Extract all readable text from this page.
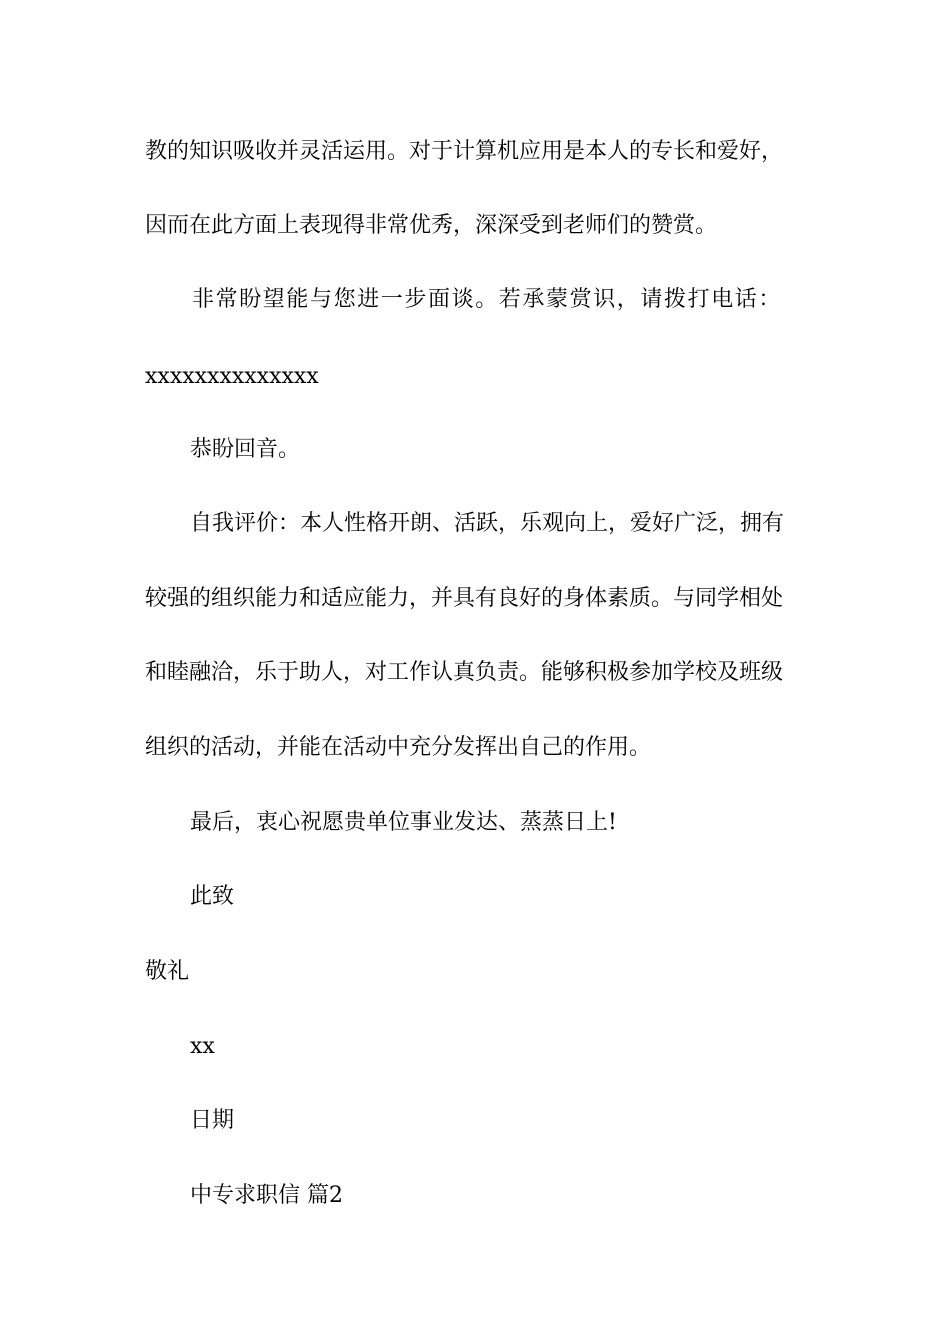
教的知识吸收并灵活运用。对于计算机应用是本人的专长和爱好，
因而在此方面上表现得非常优秀，深深受到老师们的赞赏。
非常盼望能与您进一步面谈。若承蒙赏识，请拨打电话：
xxxxxxxxxxxxxx
恭盼回音。
自我评价：本人性格开朗、活跃，乐观向上，爱好广泛，拥有
较强的组织能力和适应能力，并具有良好的身体素质。与同学相处
和睦融洽，乐于助人，对工作认真负责。能够积极参加学校及班级
组织的活动，并能在活动中充分发挥出自己的作用。
最后，衷心祝愿贵单位事业发达、蒸蒸日上!
此致
敬礼
xx
日期
中专求职信 篇2
